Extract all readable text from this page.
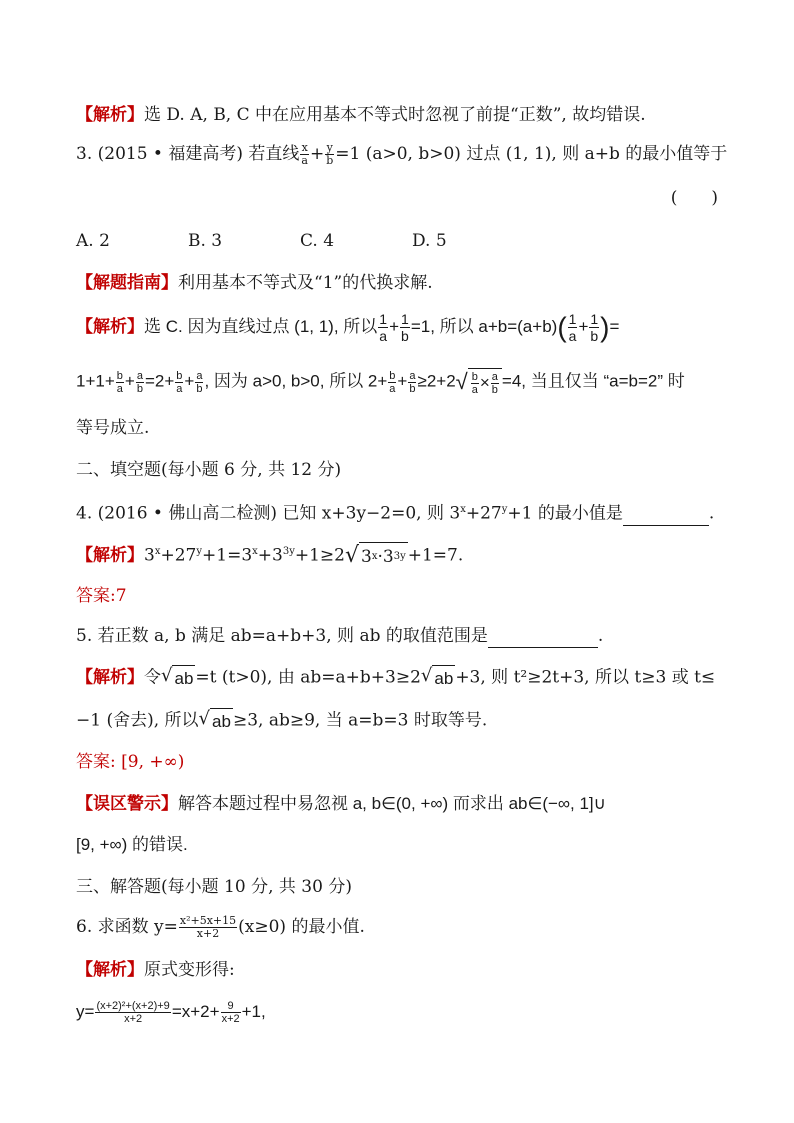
【解析】选 D. A, B, C 中在应用基本不等式时忽视了前提“正数”, 故均错误.
3. (2015 • 福建高考) 若直线 $\frac{x}{a} + \frac{y}{b} =1$ (a>0, b>0) 过点 (1, 1), 则 a+b 的最小值等于
(　　)
A. 2	B. 3	C. 4	D. 5
【解题指南】利用基本不等式及“1”的代换求解.
【解析】选 C. 因为直线过点 (1, 1), 所以 $\frac{1}{a} + \frac{1}{b} =1$, 所以 $a+b=(a+b)( \frac{1}{a} + \frac{1}{b}$ )=
$1+1+ \frac{b}{a} + \frac{a}{b} =2+ \frac{b}{a} + \frac{a}{b}$ , 因为 a>0, b>0, 所以 $2+ \frac{b}{a} + \frac{a}{b} \ge 2+2$ √ $\frac{b}{a} \times \frac{a}{b} =4$, 当且仅当 “a=b=2” 时
等号成立.
二、填空题(每小题 6 分, 共 12 分)
4. (2016 • 佛山高二检测) 已知 x+3y−2=0, 则 $3^x+27^y+1$ 的最小值是	.
【解析】$3^x+27^y+1=3^x+3^{3y}+1\ge 2$ √ 3 x · 3 3y +1=7.
答案:7
5. 若正数 a, b 满足 ab=a+b+3, 则 ab 的取值范围是	.
【解析】令 √ ab =t (t>0), 由 ab=a+b+3≥2 √ ab +3, 则 t²≥2t+3, 所以 t≥3 或 t≤
−1 (舍去), 所以 √ ab ≥3, ab≥9, 当 a=b=3 时取等号.
答案: [9, +∞)
【误区警示】解答本题过程中易忽视 a, b∈(0, +∞) 而求出 ab∈(−∞, 1]∪
[9, +∞) 的错误.
三、解答题(每小题 10 分, 共 30 分)
6. 求函数 $y= \frac{\text{x²+5x+15}}{x+2} (x\ge 0)$ 的最小值.
【解析】原式变形得:
$y= \frac{\text{(x+2)²+(x+2)+9}}{x+2} =x+2+ \frac{9}{x+2} +1$,
